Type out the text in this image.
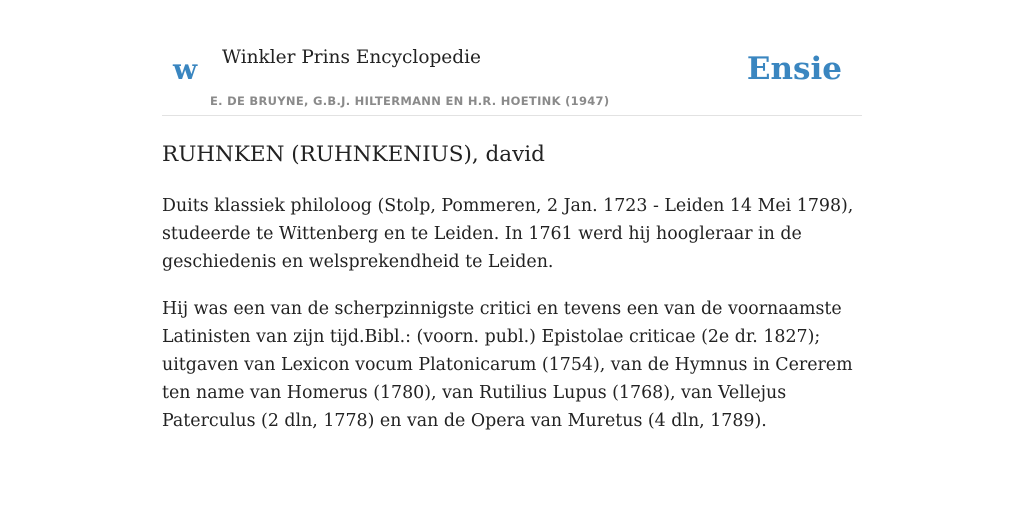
w Winkler Prins Encyclopedie
E. DE BRUYNE, G.B.J. HILTERMANN EN H.R. HOETINK (1947)
Ensie
RUHNKEN (RUHNKENIUS), david

Duits klassiek philoloog (Stolp, Pommeren, 2 Jan. 1723 - Leiden 14 Mei 1798), studeerde te Wittenberg en te Leiden. In 1761 werd hij hoogleraar in de geschiedenis en welsprekendheid te Leiden.

Hij was een van de scherpzinnigste critici en tevens een van de voornaamste Latinisten van zijn tijd.Bibl.: (voorn. publ.) Epistolae criticae (2e dr. 1827); uitgaven van Lexicon vocum Platonicarum (1754), van de Hymnus in Cererem ten name van Homerus (1780), van Rutilius Lupus (1768), van Vellejus Paterculus (2 dln, 1778) en van de Opera van Muretus (4 dln, 1789).
